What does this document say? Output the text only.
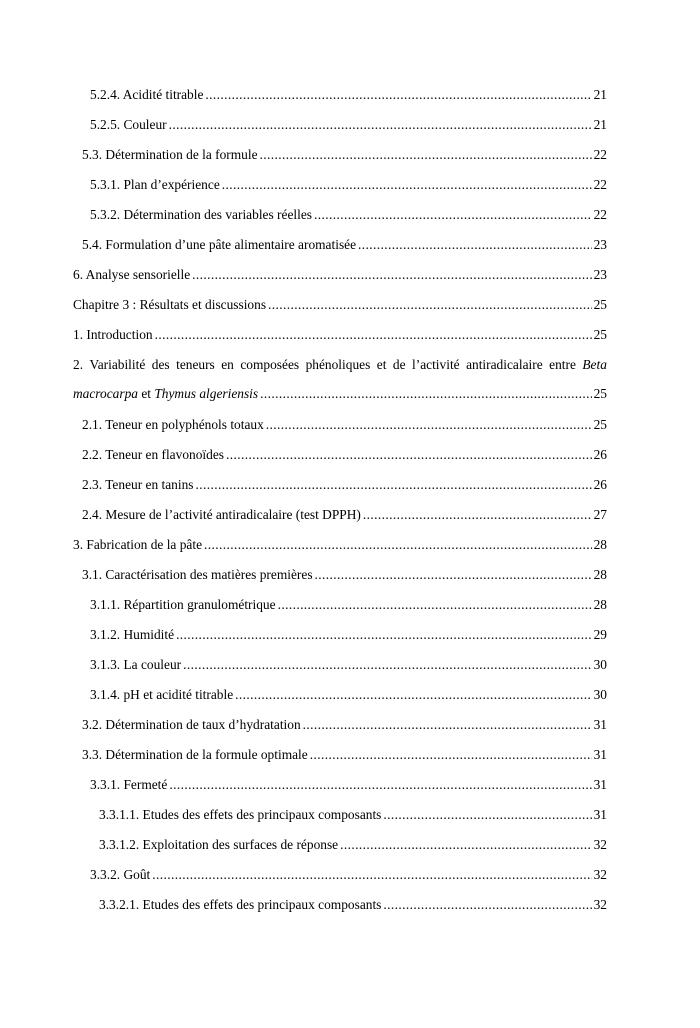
5.2.4. Acidité titrable .....	21
5.2.5. Couleur .....	21
5.3. Détermination de la formule .....	22
5.3.1. Plan d’expérience .....	22
5.3.2. Détermination des variables réelles .....	22
5.4. Formulation d’une pâte alimentaire aromatisée .....	23
6. Analyse sensorielle .....	23
Chapitre 3 : Résultats et discussions .....	25
1. Introduction .....	25
2. Variabilité des teneurs en composées phénoliques et de l’activité antiradicalaire entre Beta
macrocarpa et Thymus algeriensis .....	25
2.1. Teneur en polyphénols totaux .....	25
2.2. Teneur en flavonoïdes .....	26
2.3. Teneur en tanins .....	26
2.4. Mesure de l’activité antiradicalaire (test DPPH) .....	27
3. Fabrication de la pâte .....	28
3.1. Caractérisation des matières premières .....	28
3.1.1. Répartition granulométrique .....	28
3.1.2. Humidité .....	29
3.1.3. La couleur .....	30
3.1.4. pH et acidité titrable .....	30
3.2. Détermination de taux d’hydratation .....	31
3.3. Détermination de la formule optimale .....	31
3.3.1. Fermeté .....	31
3.3.1.1. Etudes des effets des principaux composants .....	31
3.3.1.2. Exploitation des surfaces de réponse .....	32
3.3.2. Goût .....	32
3.3.2.1. Etudes des effets des principaux composants .....	32
